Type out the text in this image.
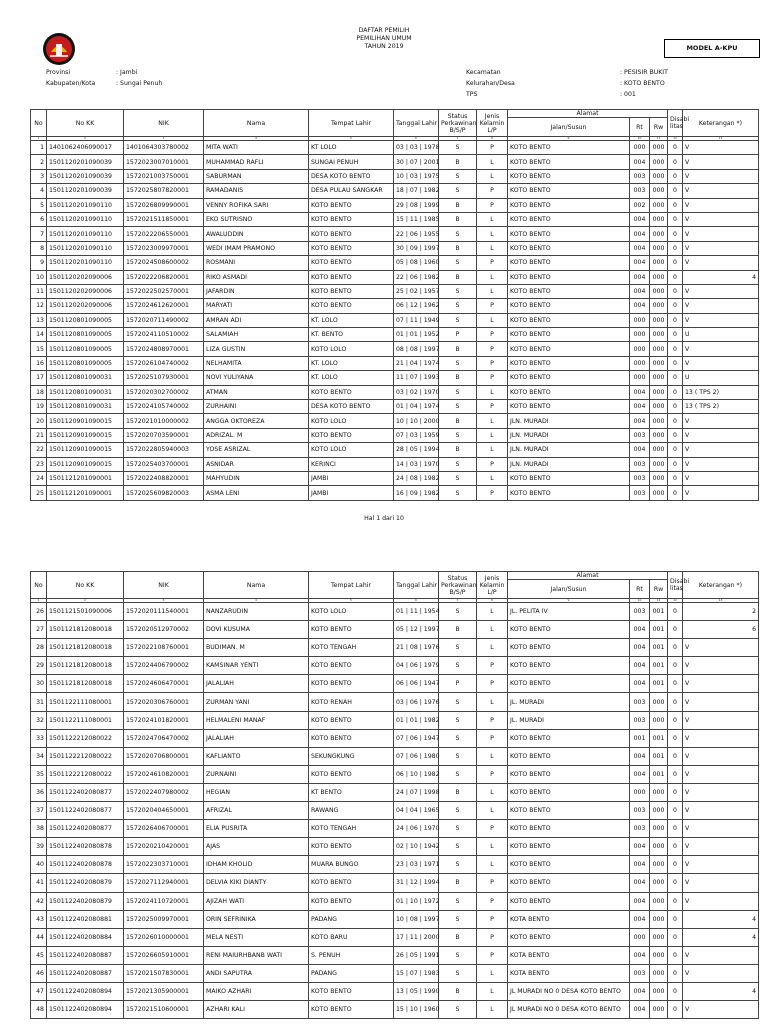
DAFTAR PEMILIH
PEMILIHAN UMUM
TAHUN 2019	MODEL A-KPU
Provinsi	: Jambi
Kabupaten/Kota	: Sungai Penuh
Kecamatan	: PESISIR BUKIT
Kelurahan/Desa	: KOTO BENTO
TPS	: 001
No	No KK	NIK	Nama	Tempat Lahir	Tanggal Lahir	Status Perkawinan B/S/P	Jenis Kelamin L/P	Alamat			Disabi litas	Keterangan *)
								Jalan/Susun	Rt	Rw		
1	2	3	4	5	6	7	8	9	10	11	12	13
1	1401062406090017	1401064303780002	MITA WATI	KT LOLO	03 | 03 | 1978	S	P	KOTO BENTO	000	000	0	V
2	1501120201090039	1572023007010001	MUHAMMAD RAFLI	SUNGAI PENUH	30 | 07 | 2001	B	L	KOTO BENTO	004	000	0	V
3	1501120201090039	1572021003750001	SABURMAN	DESA KOTO BENTO	10 | 03 | 1975	S	L	KOTO BENTO	003	000	0	V
4	1501120201090039	1572025807820001	RAMADANIS	DESA PULAU SANGKAR	18 | 07 | 1982	S	P	KOTO BENTO	003	000	0	V
5	1501120201090110	1572026809990001	VENNY ROFIKA SARI	KOTO BENTO	29 | 08 | 1999	B	P	KOTO BENTO	002	000	0	V
6	1501120201090110	1572021511850001	EKO SUTRISNO	KOTO BENTO	15 | 11 | 1985	B	L	KOTO BENTO	004	000	0	V
7	1501120201090110	1572022206550001	AWALUDDIN	KOTO BENTO	22 | 06 | 1955	S	L	KOTO BENTO	004	000	0	V
8	1501120201090110	1572023009970001	WEDI IMAM PRAMONO	KOTO BENTO	30 | 09 | 1997	B	L	KOTO BENTO	004	000	0	V
9	1501120201090110	1572024508600002	ROSMANI	KOTO BENTO	05 | 08 | 1960	S	P	KOTO BENTO	004	000	0	V
10	1501120202090006	1572022206820001	RIKO ASMADI	KOTO BENTO	22 | 06 | 1982	B	L	KOTO BENTO	004	000	0	4
11	1501120202090006	1572022502570001	JAFARDIN	KOTO BENTO	25 | 02 | 1957	S	L	KOTO BENTO	004	000	0	V
12	1501120202090006	1572024612620001	MARYATI	KOTO BENTO	06 | 12 | 1962	S	P	KOTO BENTO	004	000	0	V
13	1501120801090005	1572020711490002	AMRAN ADI	KT. LOLO	07 | 11 | 1949	S	L	KOTO BENTO	000	000	0	V
14	1501120801090005	1572024110510002	SALAMIAH	KT. BENTO	01 | 01 | 1952	P	P	KOTO BENTO	000	000	0	U
15	1501120801090005	1572024808970001	LIZA GUSTIN	KOTO LOLO	08 | 08 | 1997	B	P	KOTO BENTO	000	000	0	V
16	1501120801090005	1572026104740002	NELHAMITA	KT. LOLO	21 | 04 | 1974	S	P	KOTO BENTO	000	000	0	V
17	1501120801090031	1572025107930001	NOVI YULIYANA	KT. LOLO	11 | 07 | 1993	B	P	KOTO BENTO	000	000	0	U
18	1501120801090031	1572020302700002	ATMAN	KOTO BENTO	03 | 02 | 1970	S	L	KOTO BENTO	004	000	0	13 ( TPS 2)
19	1501120801090031	1572024105740002	ZURHAINI	DESA KOTO BENTO	01 | 04 | 1974	S	P	KOTO BENTO	004	000	0	13 ( TPS 2)
20	1501120901090015	1572021010000002	ANGGA OKTOREZA	KOTO LOLO	10 | 10 | 2000	B	L	JLN. MURADI	004	000	0	V
21	1501120901090015	1572020703590001	ADRIZAL. M	KOTO BENTO	07 | 03 | 1959	S	L	JLN. MURADI	003	000	0	V
22	1501120901090015	1572022805940003	YOSE ASRIZAL	KOTO LOLO	28 | 05 | 1994	B	L	JLN. MURADI	004	000	0	V
23	1501120901090015	1572025403700001	ASNIDAR	KERINCI	14 | 03 | 1970	S	P	JLN. MURADI	003	000	0	V
24	1501121201090001	1572022408820001	MAHYUDIN	JAMBI	24 | 08 | 1982	S	L	KOTO BENTO	003	000	0	V
25	1501121201090001	1572025609820003	ASMA LENI	JAMBI	16 | 09 | 1982	S	P	KOTO BENTO	003	000	0	V
Hal 1 dari 10
No	No KK	NIK	Nama	Tempat Lahir	Tanggal Lahir	Status Perkawinan B/S/P	Jenis Kelamin L/P	Alamat			Disabi litas	Keterangan *)
								Jalan/Susun	Rt	Rw		
1	2	3	4	5	6	7	8	9	10	11	12	13
26	1501121501090006	1572020111540001	NANZARUDIN	KOTO LOLO	01 | 11 | 1954	S	L	JL. PELITA IV	003	001	0	2
27	1501121812080018	1572020512970002	DOVI KUSUMA	KOTO BENTO	05 | 12 | 1997	B	L	KOTO BENTO	004	001	0	6
28	1501121812080018	1572022108760001	BUDIMAN. M	KOTO TENGAH	21 | 08 | 1976	S	L	KOTO BENTO	004	001	0	V
29	1501121812080018	1572024406790002	KAMSINAR YENTI	KOTO BENTO	04 | 06 | 1979	S	P	KOTO BENTO	004	001	0	V
30	1501121812080018	1572024606470001	JALALIAH	KOTO BENTO	06 | 06 | 1947	P	P	KOTO BENTO	004	001	0	V
31	1501122111080001	1572020306760001	ZURMAN YANI	KOTO RENAH	03 | 06 | 1976	S	L	JL. MURADI	003	000	0	V
32	1501122111080001	1572024101820001	HELMALENI MANAF	KOTO BENTO	01 | 01 | 1982	S	P	JL. MURADI	003	000	0	V
33	1501122212080022	1572024706470002	JALALIAH	KOTO BENTO	07 | 06 | 1947	S	P	KOTO BENTO	001	001	0	V
34	1501122212080022	1572020706800001	KAFLIANTO	SEKUNGKUNG	07 | 06 | 1980	S	L	KOTO BENTO	004	001	0	V
35	1501122212080022	1572024610820001	ZURNAINI	KOTO BENTO	06 | 10 | 1982	S	P	KOTO BENTO	004	001	0	V
36	1501122402080877	1572022407980002	HEGIAN	KT BENTO	24 | 07 | 1998	B	L	KOTO BENTO	000	000	0	V
37	1501122402080877	1572020404650001	AFRIZAL	RAWANG	04 | 04 | 1965	S	L	KOTO BENTO	003	000	0	V
38	1501122402080877	1572026406700001	ELIA PUSRITA	KOTO TENGAH	24 | 06 | 1970	S	P	KOTO BENTO	003	000	0	V
39	1501122402080878	1572020210420001	AJAS	KOTO BENTO	02 | 10 | 1942	S	L	KOTO BENTO	004	000	0	V
40	1501122402080878	1572022303710001	IDHAM KHOLID	MUARA BUNGO	23 | 03 | 1971	S	L	KOTO BENTO	004	000	0	V
41	1501122402080879	1572027112940001	DELVIA KIKI DIANTY	KOTO BENTO	31 | 12 | 1994	B	P	KOTO BENTO	004	000	0	V
42	1501122402080879	1572024110720001	AJIZAH WATI	KOTO BENTO	01 | 10 | 1972	S	P	KOTO BENTO	004	000	0	V
43	1501122402080881	1572025009970001	ORIN SEFRINIKA	PADANG	10 | 08 | 1997	S	P	KOTA BENTO	004	000	0	4
44	1501122402080884	1572026010000001	MELA NESTI	KOTO BARU	17 | 11 | 2000	B	P	KOTO BENTO	000	000	0	4
45	1501122402080887	1572026605910001	RENI MAIURHBANB WATI	S. PENUH	26 | 05 | 1991	S	P	KOTA BENTO	004	000	0	V
46	1501122402080887	1572021507830001	ANDI SAPUTRA	PADANG	15 | 07 | 1983	S	L	KOTA BENTO	003	000	0	V
47	1501122402080894	1572021305900001	MAIKO AZHARI	KOTO BENTO	13 | 05 | 1990	B	L	JL MURADI NO 0 DESA KOTO BENTO	004	000	0	4
48	1501122402080894	1572021510600001	AZHARI KALI	KOTO BENTO	15 | 10 | 1960	S	L	JL MURADI NO 0 DESA KOTO BENTO	004	000	0	V
